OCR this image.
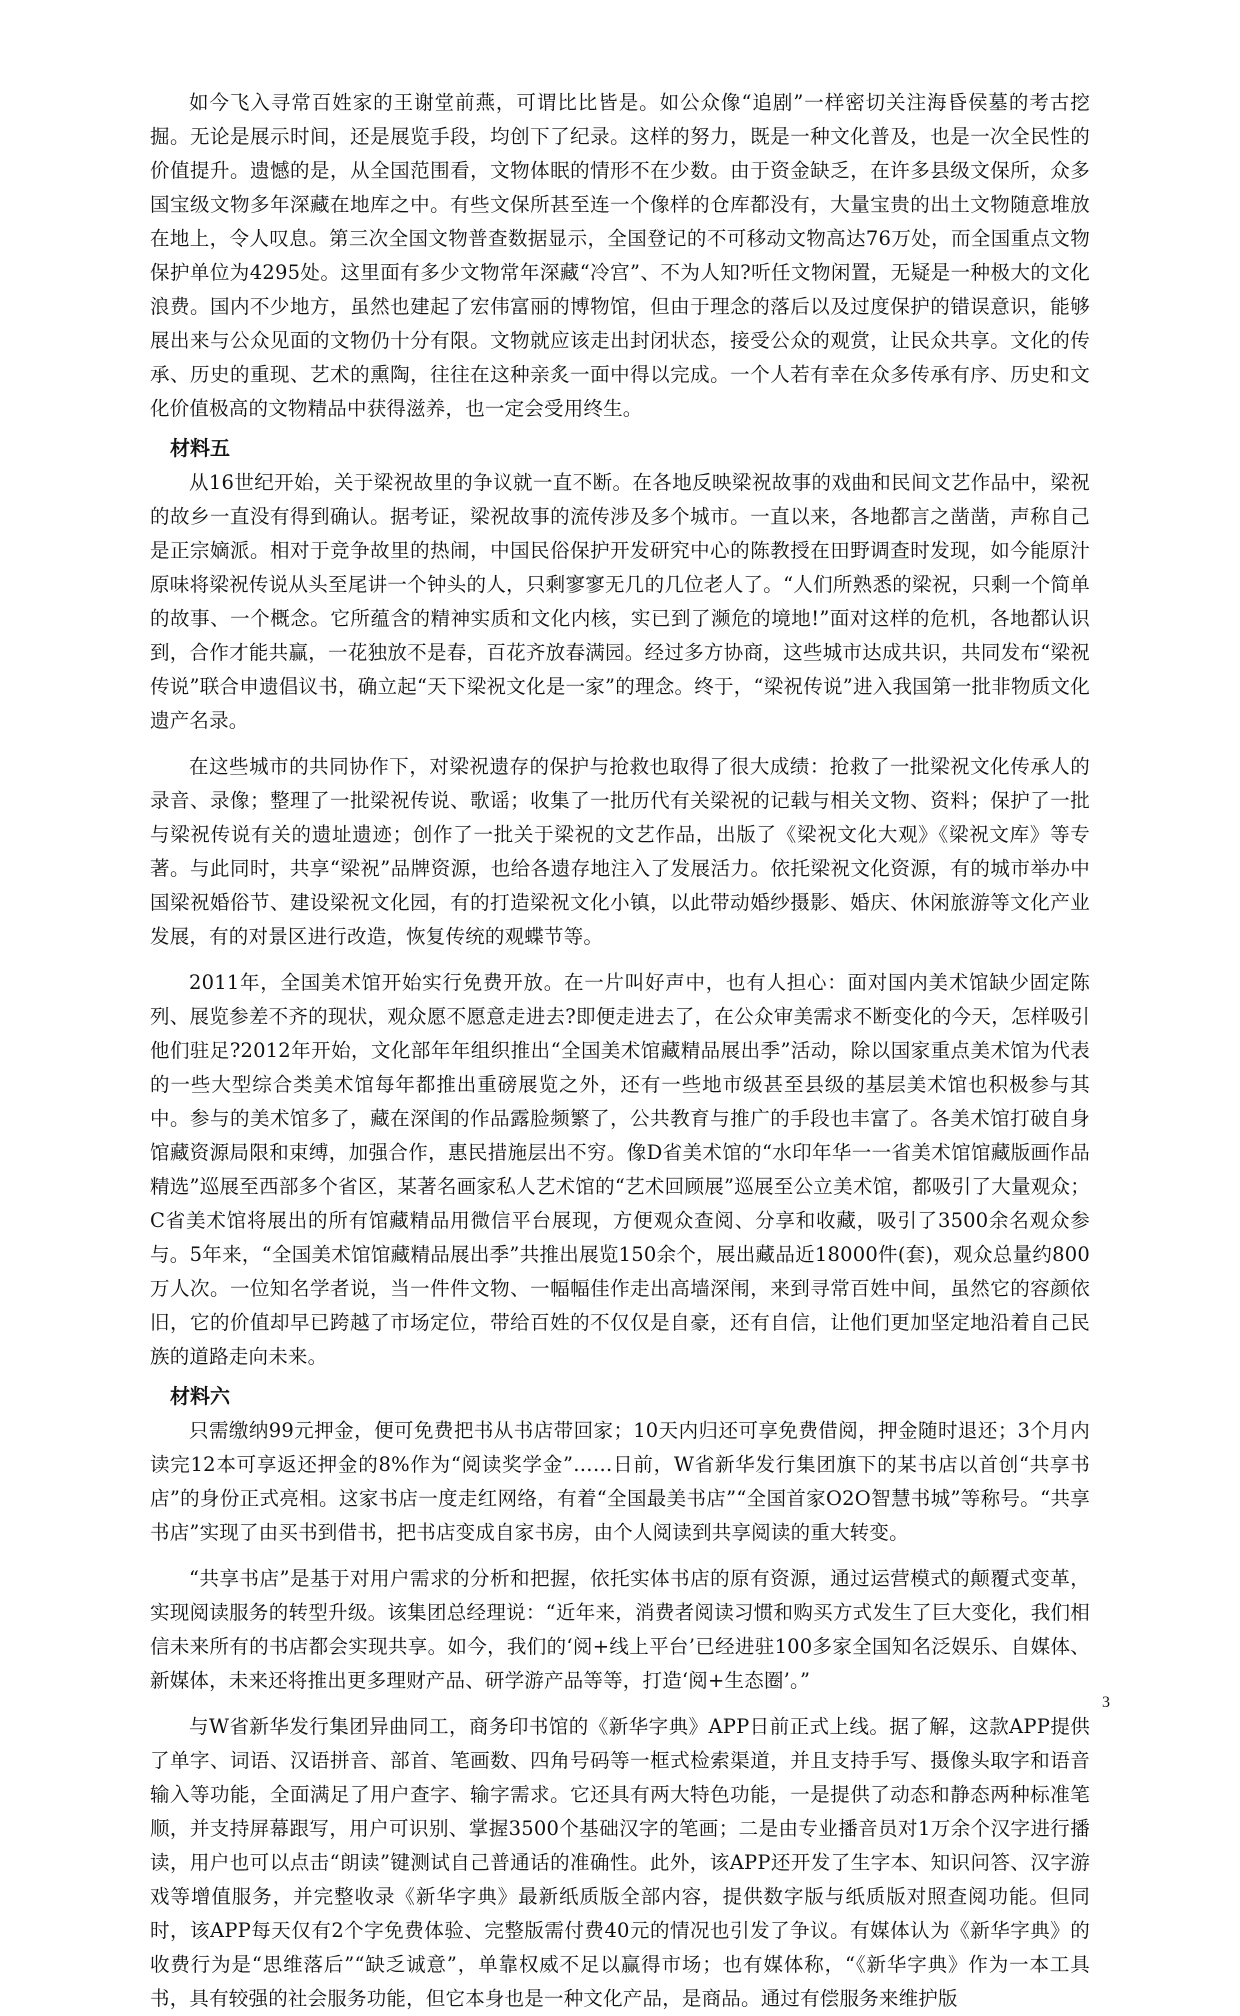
如今飞入寻常百姓家的王谢堂前燕，可谓比比皆是。如公众像“追剧”一样密切关注海昏侯墓的考古挖掘。无论是展示时间，还是展览手段，均创下了纪录。这样的努力，既是一种文化普及，也是一次全民性的价值提升。遗憾的是，从全国范围看，文物体眠的情形不在少数。由于资金缺乏，在许多县级文保所，众多国宝级文物多年深藏在地库之中。有些文保所甚至连一个像样的仓库都没有，大量宝贵的出土文物随意堆放在地上，令人叹息。第三次全国文物普查数据显示，全国登记的不可移动文物高达76万处，而全国重点文物保护单位为4295处。这里面有多少文物常年深藏“冷宫”、不为人知?听任文物闲置，无疑是一种极大的文化浪费。国内不少地方，虽然也建起了宏伟富丽的博物馆，但由于理念的落后以及过度保护的错误意识，能够展出来与公众见面的文物仍十分有限。文物就应该走出封闭状态，接受公众的观赏，让民众共享。文化的传承、历史的重现、艺术的熏陶，往往在这种亲炙一面中得以完成。一个人若有幸在众多传承有序、历史和文化价值极高的文物精品中获得滋养，也一定会受用终生。

材料五

从16世纪开始，关于梁祝故里的争议就一直不断。在各地反映梁祝故事的戏曲和民间文艺作品中，梁祝的故乡一直没有得到确认。据考证，梁祝故事的流传涉及多个城市。一直以来，各地都言之凿凿，声称自己是正宗嫡派。相对于竞争故里的热闹，中国民俗保护开发研究中心的陈教授在田野调查时发现，如今能原汁原味将梁祝传说从头至尾讲一个钟头的人，只剩寥寥无几的几位老人了。“人们所熟悉的梁祝，只剩一个简单的故事、一个概念。它所蕴含的精神实质和文化内核，实已到了濒危的境地!”面对这样的危机，各地都认识到，合作才能共赢，一花独放不是春，百花齐放春满园。经过多方协商，这些城市达成共识，共同发布“梁祝传说”联合申遗倡议书，确立起“天下梁祝文化是一家”的理念。终于，“梁祝传说”进入我国第一批非物质文化遗产名录。

在这些城市的共同协作下，对梁祝遗存的保护与抢救也取得了很大成绩：抢救了一批梁祝文化传承人的录音、录像；整理了一批梁祝传说、歌谣；收集了一批历代有关梁祝的记载与相关文物、资料；保护了一批与梁祝传说有关的遗址遗迹；创作了一批关于梁祝的文艺作品，出版了《梁祝文化大观》《梁祝文库》等专著。与此同时，共享“梁祝”品牌资源，也给各遗存地注入了发展活力。依托梁祝文化资源，有的城市举办中国梁祝婚俗节、建设梁祝文化园，有的打造梁祝文化小镇，以此带动婚纱摄影、婚庆、休闲旅游等文化产业发展，有的对景区进行改造，恢复传统的观蝶节等。

2011年，全国美术馆开始实行免费开放。在一片叫好声中，也有人担心：面对国内美术馆缺少固定陈列、展览参差不齐的现状，观众愿不愿意走进去?即便走进去了，在公众审美需求不断变化的今天，怎样吸引他们驻足?2012年开始，文化部年年组织推出“全国美术馆藏精品展出季”活动，除以国家重点美术馆为代表的一些大型综合类美术馆每年都推出重磅展览之外，还有一些地市级甚至县级的基层美术馆也积极参与其中。参与的美术馆多了，藏在深闺的作品露脸频繁了，公共教育与推广的手段也丰富了。各美术馆打破自身馆藏资源局限和束缚，加强合作，惠民措施层出不穷。像D省美术馆的“水印年华一一省美术馆馆藏版画作品精选”巡展至西部多个省区，某著名画家私人艺术馆的“艺术回顾展”巡展至公立美术馆，都吸引了大量观众；C省美术馆将展出的所有馆藏精品用微信平台展现，方便观众查阅、分享和收藏，吸引了3500余名观众参与。5年来，“全国美术馆馆藏精品展出季”共推出展览150余个，展出藏品近18000件(套)，观众总量约800万人次。一位知名学者说，当一件件文物、一幅幅佳作走出高墙深闱，来到寻常百姓中间，虽然它的容颜依旧，它的价值却早已跨越了市场定位，带给百姓的不仅仅是自豪，还有自信，让他们更加坚定地沿着自己民族的道路走向未来。

材料六

只需缴纳99元押金，便可免费把书从书店带回家；10天内归还可享免费借阅，押金随时退还；3个月内读完12本可享返还押金的8%作为“阅读奖学金”……日前，W省新华发行集团旗下的某书店以首创“共享书店”的身份正式亮相。这家书店一度走红网络，有着“全国最美书店”“全国首家O2O智慧书城”等称号。“共享书店”实现了由买书到借书，把书店变成自家书房，由个人阅读到共享阅读的重大转变。

“共享书店”是基于对用户需求的分析和把握，依托实体书店的原有资源，通过运营模式的颠覆式变革，实现阅读服务的转型升级。该集团总经理说：“近年来，消费者阅读习惯和购买方式发生了巨大变化，我们相信未来所有的书店都会实现共享。如今，我们的‘阅+线上平台’已经进驻100多家全国知名泛娱乐、自媒体、新媒体，未来还将推出更多理财产品、研学游产品等等，打造‘阅+生态圈’。”

与W省新华发行集团异曲同工，商务印书馆的《新华字典》APP日前正式上线。据了解，这款APP提供了单字、词语、汉语拼音、部首、笔画数、四角号码等一框式检索渠道，并且支持手写、摄像头取字和语音输入等功能，全面满足了用户查字、输字需求。它还具有两大特色功能，一是提供了动态和静态两种标准笔顺，并支持屏幕跟写，用户可识别、掌握3500个基础汉字的笔画；二是由专业播音员对1万余个汉字进行播读，用户也可以点击“朗读”键测试自己普通话的准确性。此外，该APP还开发了生字本、知识问答、汉字游戏等增值服务，并完整收录《新华字典》最新纸质版全部内容，提供数字版与纸质版对照查阅功能。但同时，该APP每天仅有2个字免费体验、完整版需付费40元的情况也引发了争议。有媒体认为《新华字典》的收费行为是“思维落后”“缺乏诚意”，单靠权威不足以赢得市场；也有媒体称，“《新华字典》作为一本工具书，具有较强的社会服务功能，但它本身也是一种文化产品，是商品。通过有偿服务来维护版

3
